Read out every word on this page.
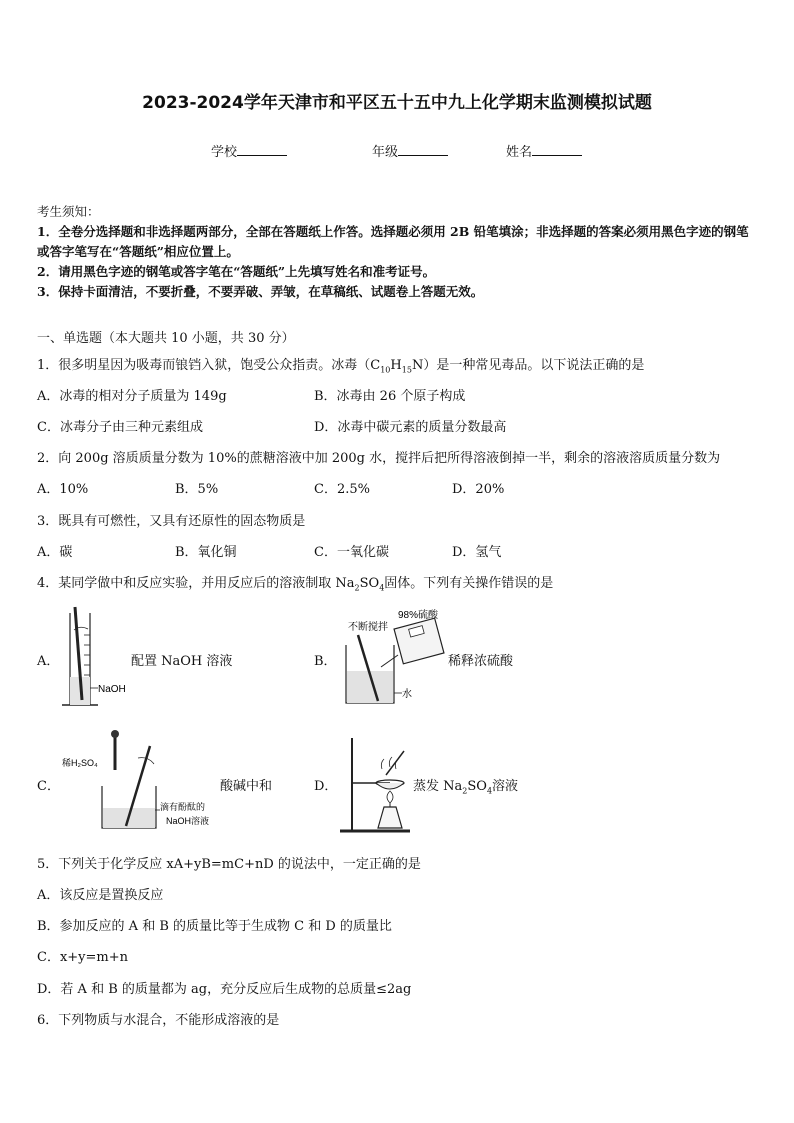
2023-2024学年天津市和平区五十五中九上化学期末监测模拟试题
学校	年级	姓名
考生须知：
1．全卷分选择题和非选择题两部分，全部在答题纸上作答。选择题必须用 2B 铅笔填涂；非选择题的答案必须用黑色字迹的钢笔或答字笔写在“答题纸”相应位置上。
2．请用黑色字迹的钢笔或答字笔在“答题纸”上先填写姓名和准考证号。
3．保持卡面清洁，不要折叠，不要弄破、弄皱，在草稿纸、试题卷上答题无效。
一、单选题（本大题共 10 小题，共 30 分）
1．很多明星因为吸毒而锒铛入狱，饱受公众指责。冰毒$(C_{10}H_{15}N)$是一种常见毒品。以下说法正确的是
A．冰毒的相对分子质量为 149g	B．冰毒由 26 个原子构成
C．冰毒分子由三种元素组成	D．冰毒中碳元素的质量分数最高
2．向 200g 溶质质量分数为 10%的蔗糖溶液中加 200g 水，搅拌后把所得溶液倒掉一半，剩余的溶液溶质质量分数为
A．10%	B．5%	C．2.5%	D．20%
3．既具有可燃性，又具有还原性的固态物质是
A．碳	B．氧化铜	C．一氧化碳	D．氢气
4．某同学做中和反应实验，并用反应后的溶液制取 $Na_2SO_4$固体。下列有关操作错误的是
A．
NaOH
配置 NaOH 溶液	B．
不断搅拌
98%硫酸
水
稀释浓硫酸
C．
稀H₂SO₄
滴有酚酞的
NaOH溶液
酸碱中和	D．	蒸发 $Na_2SO_4$溶液
5．下列关于化学反应 xA+yB=mC+nD 的说法中，一定正确的是
A．该反应是置换反应
B．参加反应的 A 和 B 的质量比等于生成物 C 和 D 的质量比
C．x+y=m+n
D．若 A 和 B 的质量都为 ag，充分反应后生成物的总质量≤2ag
6．下列物质与水混合，不能形成溶液的是
